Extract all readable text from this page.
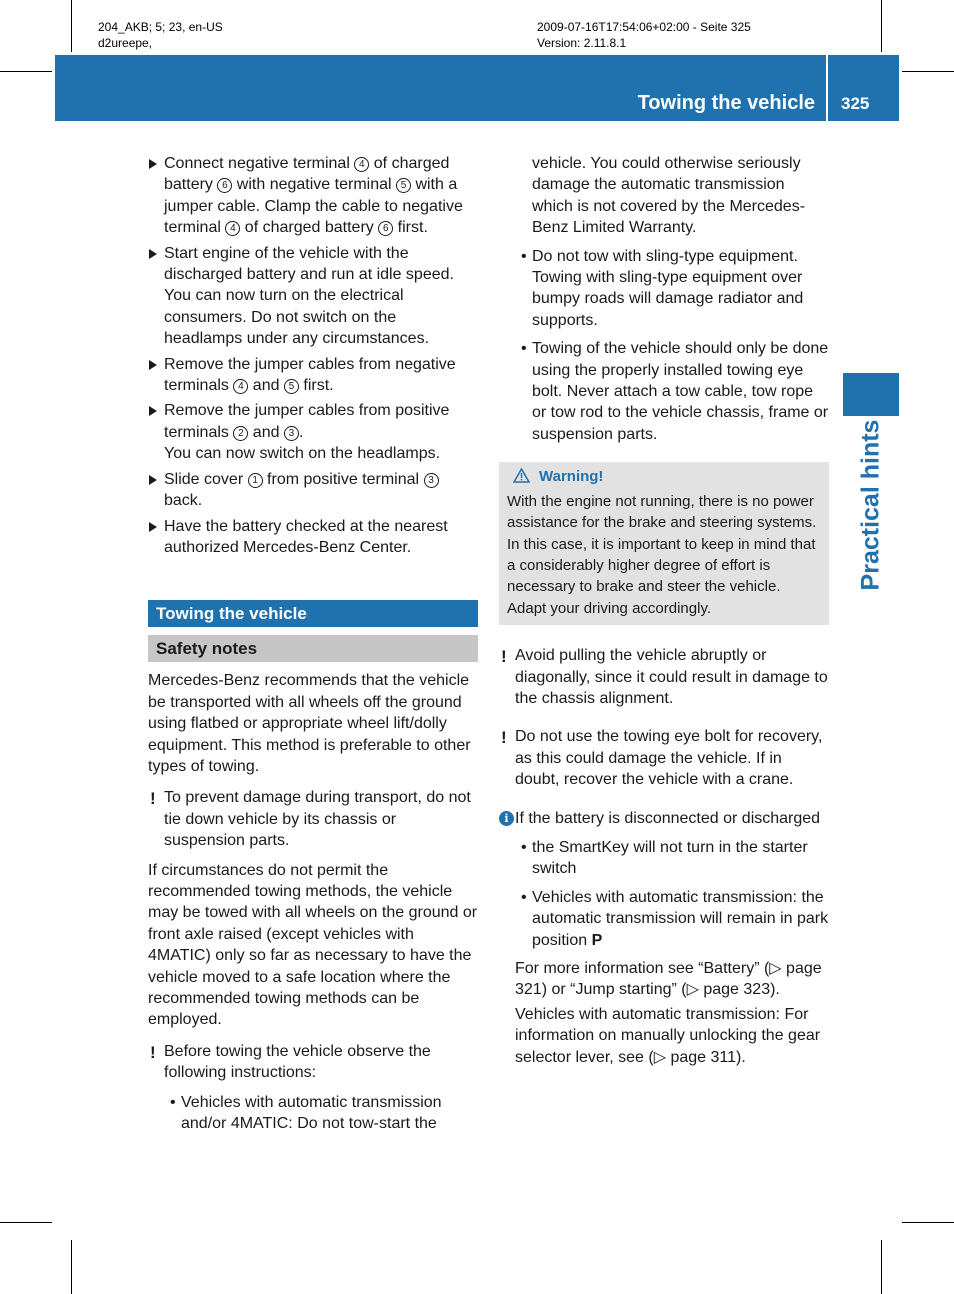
204_AKB; 5; 23, en-US
d2ureepe,
2009-07-16T17:54:06+02:00 - Seite 325
Version: 2.11.8.1
Towing the vehicle 325
Practical hints
Connect negative terminal 4 of charged battery 6 with negative terminal 5 with a jumper cable. Clamp the cable to negative terminal 4 of charged battery 6 first.
Start engine of the vehicle with the discharged battery and run at idle speed. You can now turn on the electrical consumers. Do not switch on the headlamps under any circumstances.
Remove the jumper cables from negative terminals 4 and 5 first.
Remove the jumper cables from positive terminals 2 and 3 .
You can now switch on the headlamps.
Slide cover 1 from positive terminal 3 back.
Have the battery checked at the nearest authorized Mercedes-Benz Center.
Towing the vehicle
Safety notes

Mercedes-Benz recommends that the vehicle be transported with all wheels off the ground using flatbed or appropriate wheel lift/dolly equipment. This method is preferable to other types of towing.

! To prevent damage during transport, do not tie down vehicle by its chassis or suspension parts.

If circumstances do not permit the recommended towing methods, the vehicle may be towed with all wheels on the ground or front axle raised (except vehicles with 4MATIC) only so far as necessary to have the vehicle moved to a safe location where the recommended towing methods can be employed.

! Before towing the vehicle observe the following instructions:
• Vehicles with automatic transmission and/or 4MATIC: Do not tow-start the

vehicle. You could otherwise seriously damage the automatic transmission which is not covered by the Mercedes-Benz Limited Warranty.

• Do not tow with sling-type equipment. Towing with sling-type equipment over bumpy roads will damage radiator and supports.
• Towing of the vehicle should only be done using the properly installed towing eye bolt. Never attach a tow cable, tow rope or tow rod to the vehicle chassis, frame or suspension parts.
Warning!
With the engine not running, there is no power assistance for the brake and steering systems. In this case, it is important to keep in mind that a considerably higher degree of effort is necessary to brake and steer the vehicle. Adapt your driving accordingly.
! Avoid pulling the vehicle abruptly or diagonally, since it could result in damage to the chassis alignment.
! Do not use the towing eye bolt for recovery, as this could damage the vehicle. If in doubt, recover the vehicle with a crane.
i If the battery is disconnected or discharged
• the SmartKey will not turn in the starter switch
• Vehicles with automatic transmission: the automatic transmission will remain in park position P

For more information see “Battery” (▷ page 321) or “Jump starting” (▷ page 323).

Vehicles with automatic transmission: For information on manually unlocking the gear selector lever, see (▷ page 311).
